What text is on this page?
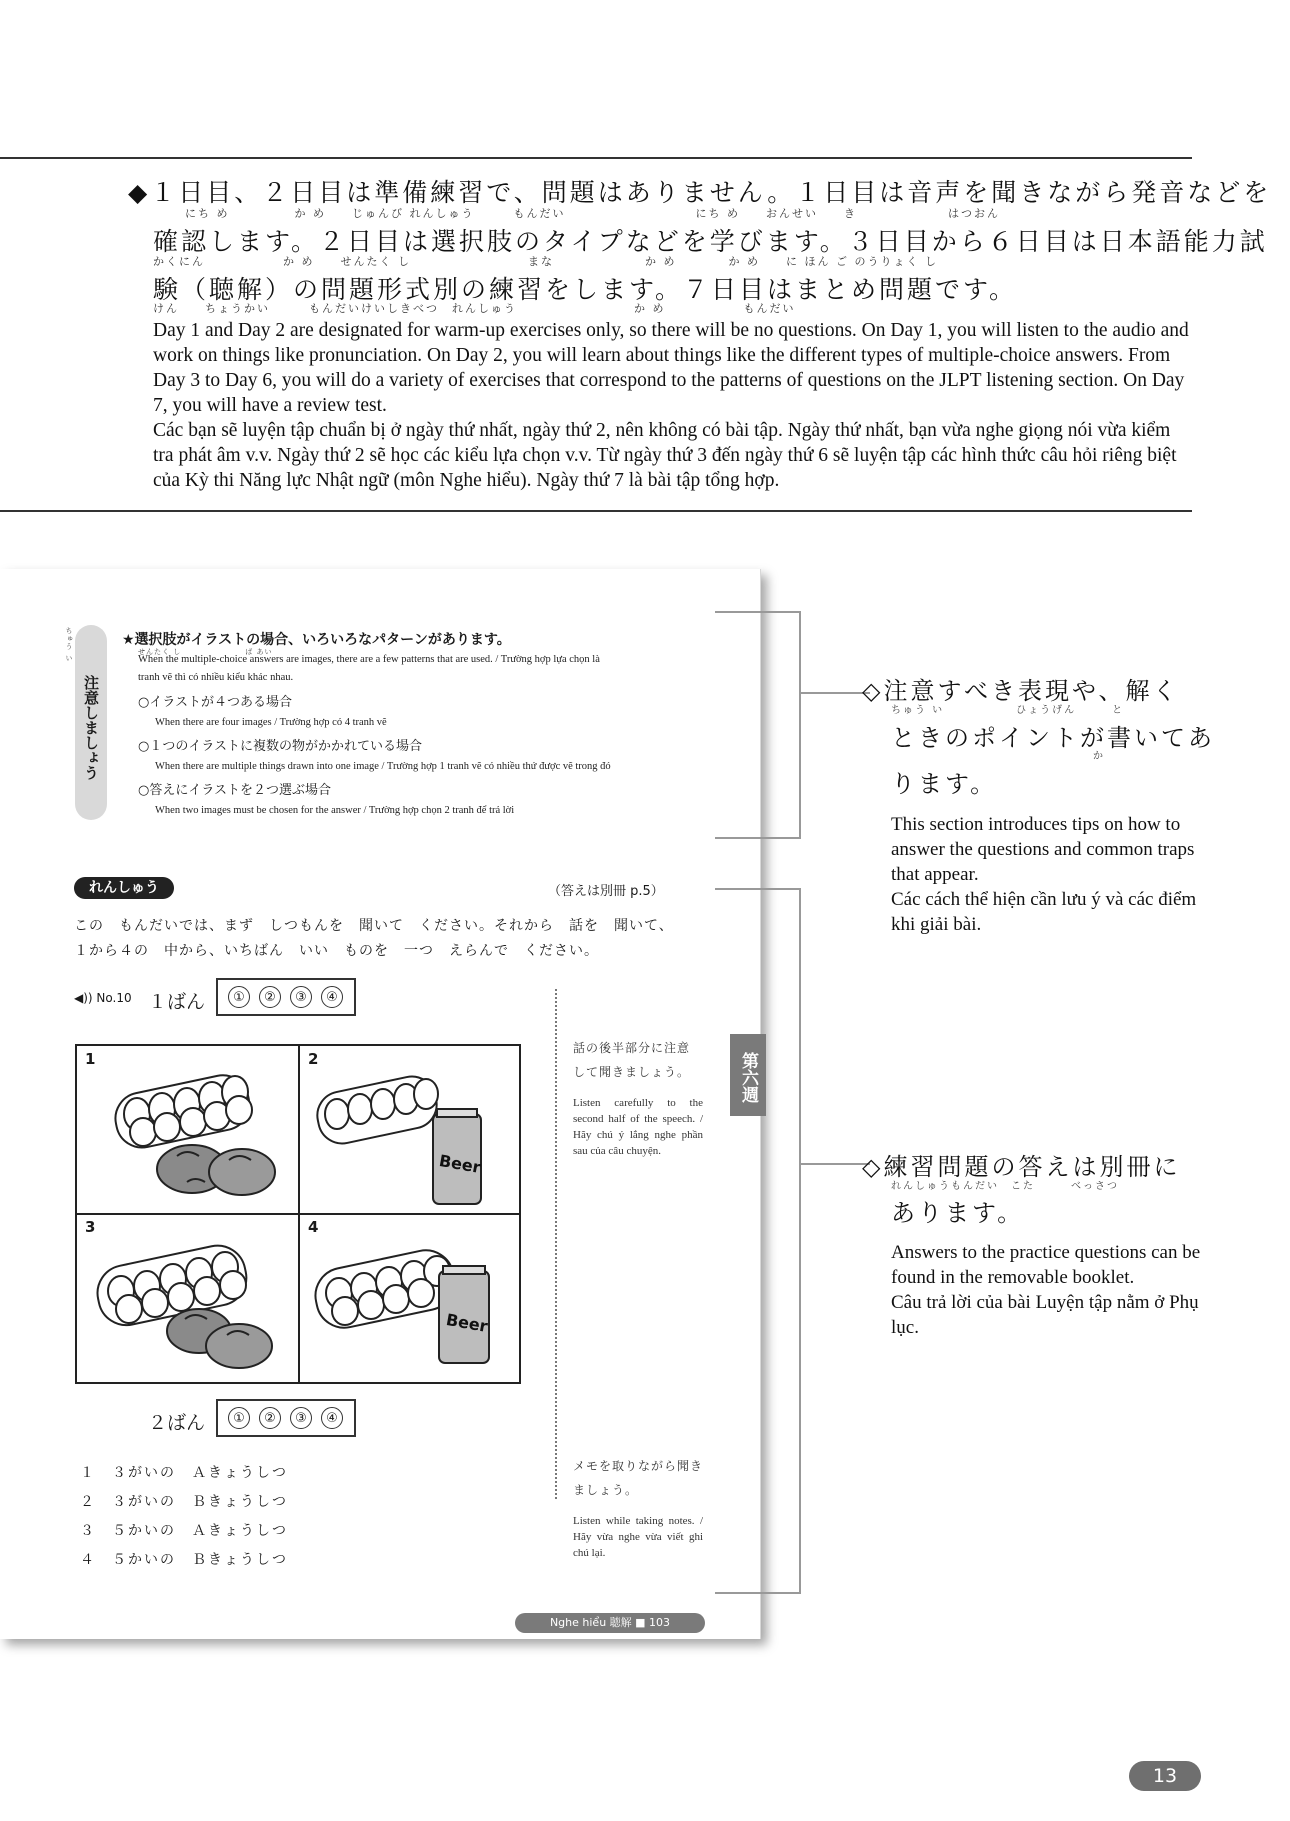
◆１日目、２日目は準備練習で、問題はありません。１日目は音声を聞きながら発音などを
にち め　　　　　か め　　じゅんび れんしゅう　　　もんだい　　　　　　　　　　にち め　　おんせい　　き　　　　　　　はつおん
確認します。２日目は選択肢のタイプなどを学びます。３日目から６日目は日本語能力試
かくにん　　　　　　か め　　せんたく し　　　　　　　　　まな　　　　　　　か め　　　　か め　　に ほん ご のうりょく し
験（聴解）の問題形式別の練習をします。７日目はまとめ問題です。
けん　　ちょうかい　　　もんだいけいしきべつ　れんしゅう　　　　　　　　　か め　　　　　　もんだい

Day 1 and Day 2 are designated for warm-up exercises only, so there will be no questions. On Day 1, you will listen to the audio and work on things like pronunciation. On Day 2, you will learn about things like the different types of multiple-choice answers. From Day 3 to Day 6, you will do a variety of exercises that correspond to the patterns of questions on the JLPT listening section. On Day 7, you will have a review test.

Các bạn sẽ luyện tập chuẩn bị ở ngày thứ nhất, ngày thứ 2, nên không có bài tập. Ngày thứ nhất, bạn vừa nghe giọng nói vừa kiểm tra phát âm v.v. Ngày thứ 2 sẽ học các kiểu lựa chọn v.v. Từ ngày thứ 3 đến ngày thứ 6 sẽ luyện tập các hình thức câu hỏi riêng biệt của Kỳ thi Năng lực Nhật ngữ (môn Nghe hiểu). Ngày thứ 7 là bài tập tổng hợp.

注意しましょう
ちゅう い	せんたく し　　　　　　　　ば あい
★選択肢がイラストの場合、いろいろなパターンがあります。
When the multiple-choice answers are images, there are a few patterns that are used. / Trường hợp lựa chọn là
tranh vẽ thì có nhiều kiểu khác nhau.
○イラストが４つある場合
When there are four images / Trường hợp có 4 tranh vẽ
○１つのイラストに複数の物がかかれている場合
When there are multiple things drawn into one image / Trường hợp 1 tranh vẽ có nhiều thứ được vẽ trong đó
○答えにイラストを２つ選ぶ場合
When two images must be chosen for the answer / Trường hợp chọn 2 tranh để trả lời
れんしゅう	（答えは別冊 p.5）
この　もんだいでは、まず　しつもんを　聞いて　ください。それから　話を　聞いて、
１から４の　中から、いちばん　いい　ものを　一つ　えらんで　ください。
◀)) No.10 １ばん	①	②	③	④
1	2
3	4
Beer
Beer
２ばん	①	②	③	④
１　３がいの　Ａきょうしつ
２　３がいの　Ｂきょうしつ
３　５かいの　Ａきょうしつ
４　５かいの　Ｂきょうしつ
話の後半部分に注意
して聞きましょう。
Listen carefully to the second half of the speech. / Hãy chú ý lắng nghe phần sau của câu chuyện.
メモを取りながら聞き
ましょう。
Listen while taking notes. / Hãy vừa nghe vừa viết ghi chú lại.
第六週
Nghe hiểu 聴解 ■ 103
◇注意すべき表現や、解く
ちゅう い　　　　　　ひょうげん　　　と
ときのポイントが書いてあ
か
ります。

This section introduces tips on how to answer the questions and common traps that appear.

Các cách thể hiện cần lưu ý và các điểm khi giải bài.

◇練習問題の答えは別冊に
れんしゅうもんだい　こた　　　べっさつ
あります。

Answers to the practice questions can be found in the removable booklet.

Câu trả lời của bài Luyện tập nằm ở Phụ lục.

13
